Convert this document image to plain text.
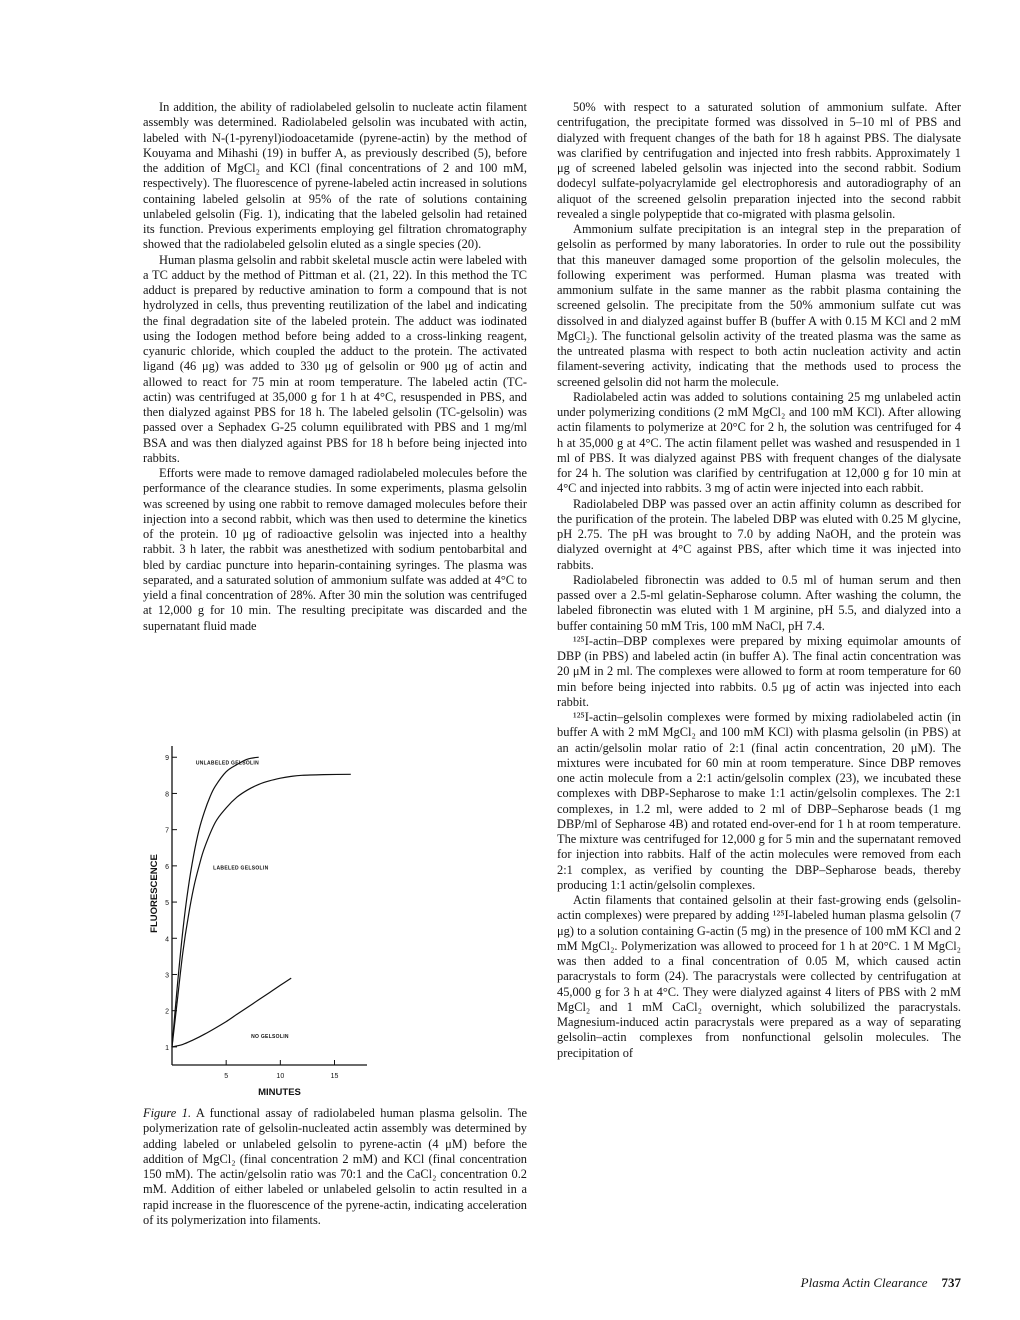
In addition, the ability of radiolabeled gelsolin to nucleate actin filament assembly was determined. Radiolabeled gelsolin was incubated with actin, labeled with N-(1-pyrenyl)iodoacetamide (pyrene-actin) by the method of Kouyama and Mihashi (19) in buffer A, as previously described (5), before the addition of MgCl₂ and KCl (final concentrations of 2 and 100 mM, respectively). The fluorescence of pyrene-labeled actin increased in solutions containing labeled gelsolin at 95% of the rate of solutions containing unlabeled gelsolin (Fig. 1), indicating that the labeled gelsolin had retained its function. Previous experiments employing gel filtration chromatography showed that the radiolabeled gelsolin eluted as a single species (20).

Human plasma gelsolin and rabbit skeletal muscle actin were labeled with a TC adduct by the method of Pittman et al. (21, 22). In this method the TC adduct is prepared by reductive amination to form a compound that is not hydrolyzed in cells, thus preventing reutilization of the label and indicating the final degradation site of the labeled protein. The adduct was iodinated using the Iodogen method before being added to a cross-linking reagent, cyanuric chloride, which coupled the adduct to the protein. The activated ligand (46 μg) was added to 330 μg of gelsolin or 900 μg of actin and allowed to react for 75 min at room temperature. The labeled actin (TC-actin) was centrifuged at 35,000 g for 1 h at 4°C, resuspended in PBS, and then dialyzed against PBS for 18 h. The labeled gelsolin (TC-gelsolin) was passed over a Sephadex G-25 column equilibrated with PBS and 1 mg/ml BSA and was then dialyzed against PBS for 18 h before being injected into rabbits.

Efforts were made to remove damaged radiolabeled molecules before the performance of the clearance studies. In some experiments, plasma gelsolin was screened by using one rabbit to remove damaged molecules before their injection into a second rabbit, which was then used to determine the kinetics of the protein. 10 μg of radioactive gelsolin was injected into a healthy rabbit. 3 h later, the rabbit was anesthetized with sodium pentobarbital and bled by cardiac puncture into heparin-containing syringes. The plasma was separated, and a saturated solution of ammonium sulfate was added at 4°C to yield a final concentration of 28%. After 30 min the solution was centrifuged at 12,000 g for 10 min. The resulting precipitate was discarded and the supernatant fluid made

1
2
3
4
5
6
7
8
9
5	10	15
FLUORESCENCE
MINUTES
UNLABELED GELSOLIN
LABELED GELSOLIN
NO GELSOLIN
Figure 1. A functional assay of radiolabeled human plasma gelsolin. The polymerization rate of gelsolin-nucleated actin assembly was determined by adding labeled or unlabeled gelsolin to pyrene-actin (4 μM) before the addition of MgCl₂ (final concentration 2 mM) and KCl (final concentration 150 mM). The actin/gelsolin ratio was 70:1 and the CaCl₂ concentration 0.2 mM. Addition of either labeled or unlabeled gelsolin to actin resulted in a rapid increase in the fluorescence of the pyrene-actin, indicating acceleration of its polymerization into filaments.

50% with respect to a saturated solution of ammonium sulfate. After centrifugation, the precipitate formed was dissolved in 5–10 ml of PBS and dialyzed with frequent changes of the bath for 18 h against PBS. The dialysate was clarified by centrifugation and injected into fresh rabbits. Approximately 1 μg of screened labeled gelsolin was injected into the second rabbit. Sodium dodecyl sulfate-polyacrylamide gel electrophoresis and autoradiography of an aliquot of the screened gelsolin preparation injected into the second rabbit revealed a single polypeptide that co-migrated with plasma gelsolin.

Ammonium sulfate precipitation is an integral step in the preparation of gelsolin as performed by many laboratories. In order to rule out the possibility that this maneuver damaged some proportion of the gelsolin molecules, the following experiment was performed. Human plasma was treated with ammonium sulfate in the same manner as the rabbit plasma containing the screened gelsolin. The precipitate from the 50% ammonium sulfate cut was dissolved in and dialyzed against buffer B (buffer A with 0.15 M KCl and 2 mM MgCl₂). The functional gelsolin activity of the treated plasma was the same as the untreated plasma with respect to both actin nucleation activity and actin filament-severing activity, indicating that the methods used to process the screened gelsolin did not harm the molecule.

Radiolabeled actin was added to solutions containing 25 mg unlabeled actin under polymerizing conditions (2 mM MgCl₂ and 100 mM KCl). After allowing actin filaments to polymerize at 20°C for 2 h, the solution was centrifuged for 4 h at 35,000 g at 4°C. The actin filament pellet was washed and resuspended in 1 ml of PBS. It was dialyzed against PBS with frequent changes of the dialysate for 24 h. The solution was clarified by centrifugation at 12,000 g for 10 min at 4°C and injected into rabbits. 3 mg of actin were injected into each rabbit.

Radiolabeled DBP was passed over an actin affinity column as described for the purification of the protein. The labeled DBP was eluted with 0.25 M glycine, pH 2.75. The pH was brought to 7.0 by adding NaOH, and the protein was dialyzed overnight at 4°C against PBS, after which time it was injected into rabbits.

Radiolabeled fibronectin was added to 0.5 ml of human serum and then passed over a 2.5-ml gelatin-Sepharose column. After washing the column, the labeled fibronectin was eluted with 1 M arginine, pH 5.5, and dialyzed into a buffer containing 50 mM Tris, 100 mM NaCl, pH 7.4.

¹²⁵I-actin–DBP complexes were prepared by mixing equimolar amounts of DBP (in PBS) and labeled actin (in buffer A). The final actin concentration was 20 μM in 2 ml. The complexes were allowed to form at room temperature for 60 min before being injected into rabbits. 0.5 μg of actin was injected into each rabbit.

¹²⁵I-actin–gelsolin complexes were formed by mixing radiolabeled actin (in buffer A with 2 mM MgCl₂ and 100 mM KCl) with plasma gelsolin (in PBS) at an actin/gelsolin molar ratio of 2:1 (final actin concentration, 20 μM). The mixtures were incubated for 60 min at room temperature. Since DBP removes one actin molecule from a 2:1 actin/gelsolin complex (23), we incubated these complexes with DBP-Sepharose to make 1:1 actin/gelsolin complexes. The 2:1 complexes, in 1.2 ml, were added to 2 ml of DBP–Sepharose beads (1 mg DBP/ml of Sepharose 4B) and rotated end-over-end for 1 h at room temperature. The mixture was centrifuged for 12,000 g for 5 min and the supernatant removed for injection into rabbits. Half of the actin molecules were removed from each 2:1 complex, as verified by counting the DBP–Sepharose beads, thereby producing 1:1 actin/gelsolin complexes.

Actin filaments that contained gelsolin at their fast-growing ends (gelsolin-actin complexes) were prepared by adding ¹²⁵I-labeled human plasma gelsolin (7 μg) to a solution containing G-actin (5 mg) in the presence of 100 mM KCl and 2 mM MgCl₂. Polymerization was allowed to proceed for 1 h at 20°C. 1 M MgCl₂ was then added to a final concentration of 0.05 M, which caused actin paracrystals to form (24). The paracrystals were collected by centrifugation at 45,000 g for 3 h at 4°C. They were dialyzed against 4 liters of PBS with 2 mM MgCl₂ and 1 mM CaCl₂ overnight, which solubilized the paracrystals. Magnesium-induced actin paracrystals were prepared as a way of separating gelsolin–actin complexes from nonfunctional gelsolin molecules. The precipitation of

Plasma Actin Clearance 737
